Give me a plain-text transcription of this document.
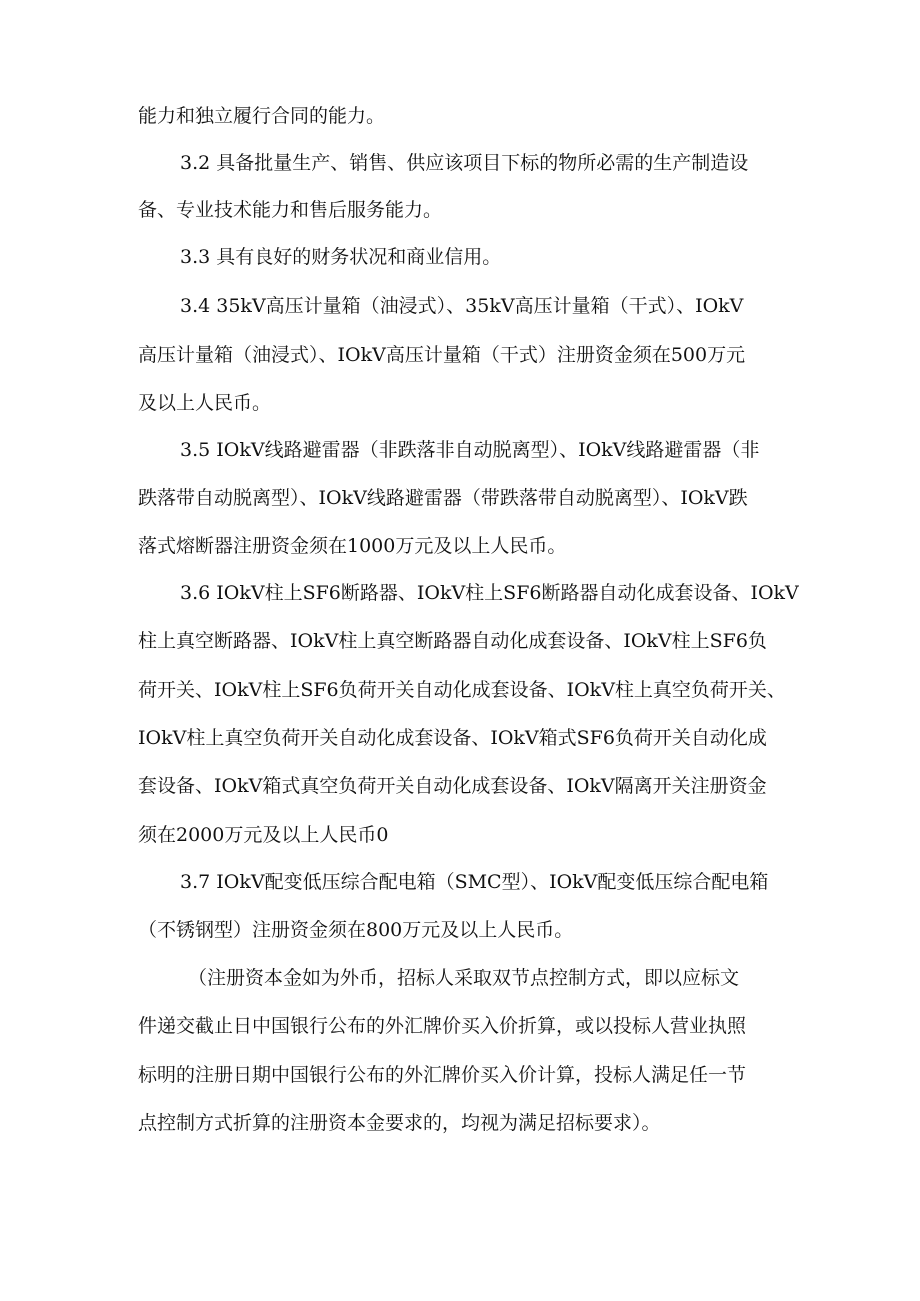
能力和独立履行合同的能力。
3.2 具备批量生产、销售、供应该项目下标的物所必需的生产制造设
备、专业技术能力和售后服务能力。
3.3 具有良好的财务状况和商业信用。
3.4 35kV高压计量箱（油浸式）、35kV高压计量箱（干式）、IOkV
高压计量箱（油浸式）、IOkV高压计量箱（干式）注册资金须在500万元
及以上人民币。
3.5 IOkV线路避雷器（非跌落非自动脱离型）、IOkV线路避雷器（非
跌落带自动脱离型）、IOkV线路避雷器（带跌落带自动脱离型）、IOkV跌
落式熔断器注册资金须在1000万元及以上人民币。
3.6 IOkV柱上SF6断路器、IOkV柱上SF6断路器自动化成套设备、IOkV
柱上真空断路器、IOkV柱上真空断路器自动化成套设备、IOkV柱上SF6负
荷开关、IOkV柱上SF6负荷开关自动化成套设备、IOkV柱上真空负荷开关、
IOkV柱上真空负荷开关自动化成套设备、IOkV箱式SF6负荷开关自动化成
套设备、IOkV箱式真空负荷开关自动化成套设备、IOkV隔离开关注册资金
须在2000万元及以上人民币0
3.7 IOkV配变低压综合配电箱（SMC型）、IOkV配变低压综合配电箱
（不锈钢型）注册资金须在800万元及以上人民币。
（注册资本金如为外币，招标人采取双节点控制方式，即以应标文
件递交截止日中国银行公布的外汇牌价买入价折算，或以投标人营业执照
标明的注册日期中国银行公布的外汇牌价买入价计算，投标人满足任一节
点控制方式折算的注册资本金要求的，均视为满足招标要求）。
